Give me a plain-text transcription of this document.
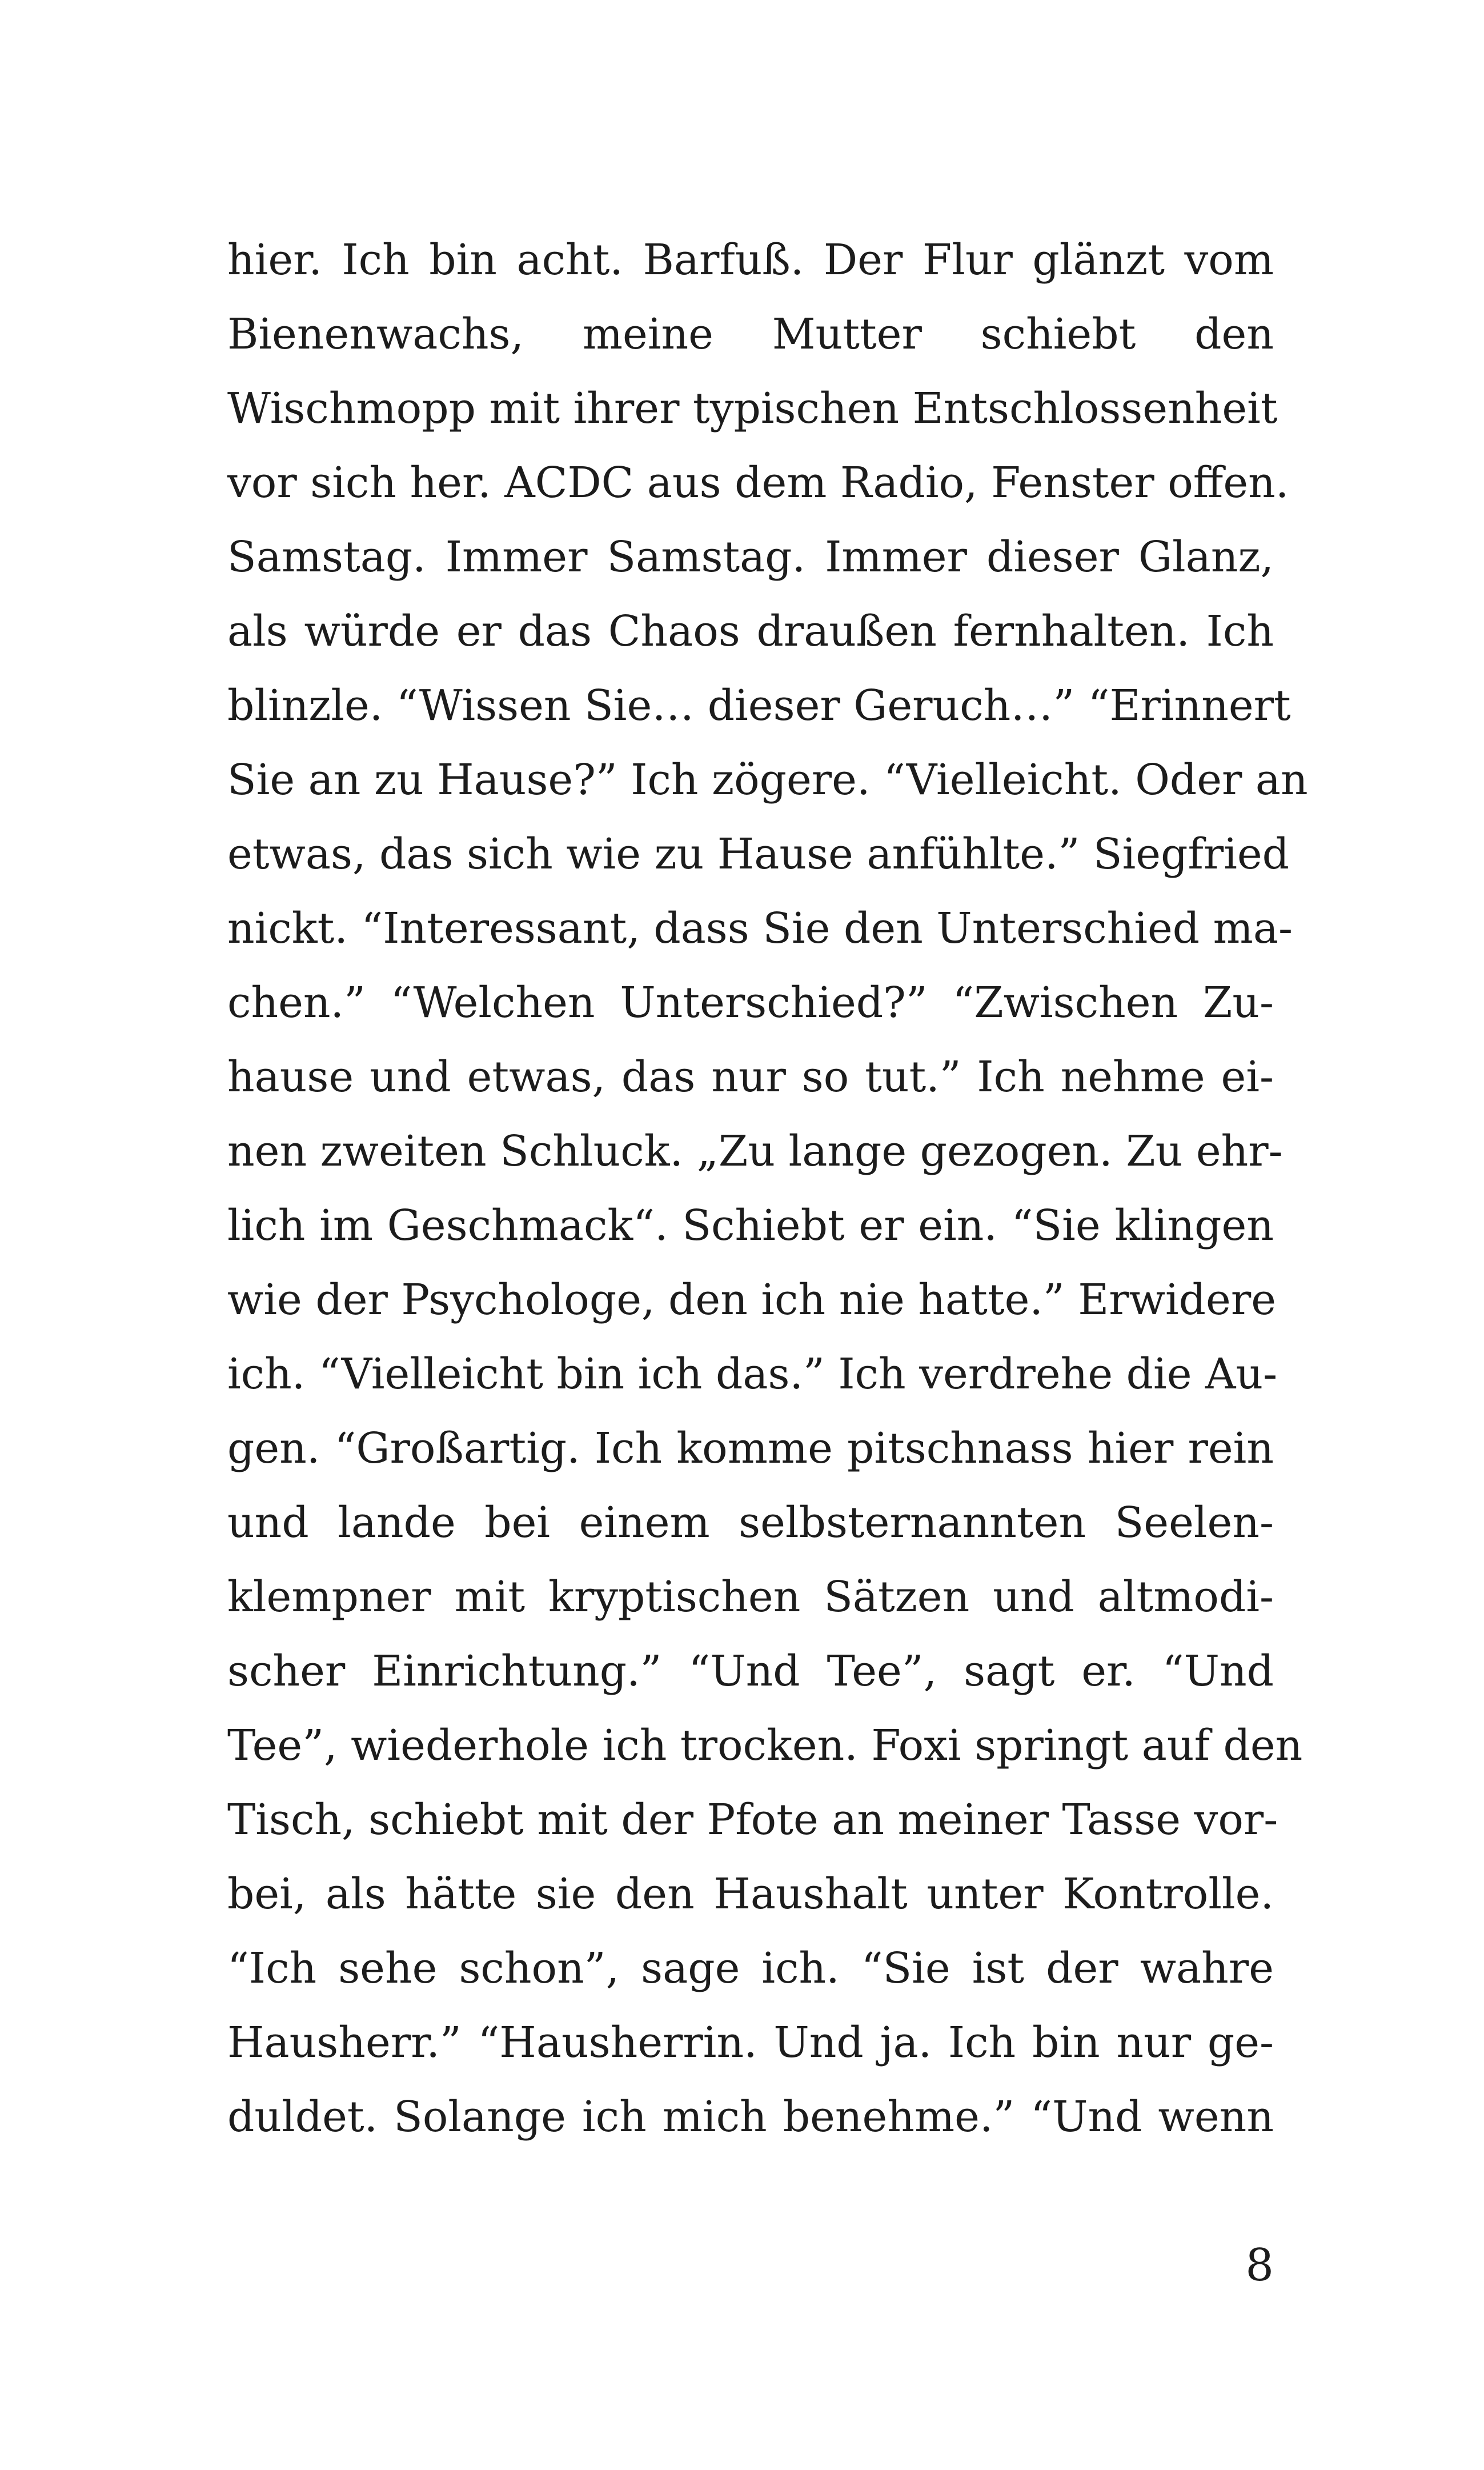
hier. Ich bin acht. Barfuß. Der Flur glänzt vom
Bienenwachs, meine Mutter schiebt den
Wischmopp mit ihrer typischen Entschlossenheit
vor sich her. ACDC aus dem Radio, Fenster offen.
Samstag. Immer Samstag. Immer dieser Glanz,
als würde er das Chaos draußen fernhalten. Ich
blinzle. “Wissen Sie… dieser Geruch…” “Erinnert
Sie an zu Hause?” Ich zögere. “Vielleicht. Oder an
etwas, das sich wie zu Hause anfühlte.” Siegfried
nickt. “Interessant, dass Sie den Unterschied ma-
chen.” “Welchen Unterschied?” “Zwischen Zu-
hause und etwas, das nur so tut.” Ich nehme ei-
nen zweiten Schluck. „Zu lange gezogen. Zu ehr-
lich im Geschmack“. Schiebt er ein. “Sie klingen
wie der Psychologe, den ich nie hatte.” Erwidere
ich. “Vielleicht bin ich das.” Ich verdrehe die Au-
gen. “Großartig. Ich komme pitschnass hier rein
und lande bei einem selbsternannten Seelen-
klempner mit kryptischen Sätzen und altmodi-
scher Einrichtung.” “Und Tee”, sagt er. “Und
Tee”, wiederhole ich trocken. Foxi springt auf den
Tisch, schiebt mit der Pfote an meiner Tasse vor-
bei, als hätte sie den Haushalt unter Kontrolle.
“Ich sehe schon”, sage ich. “Sie ist der wahre
Hausherr.” “Hausherrin. Und ja. Ich bin nur ge-
duldet. Solange ich mich benehme.” “Und wenn
8
